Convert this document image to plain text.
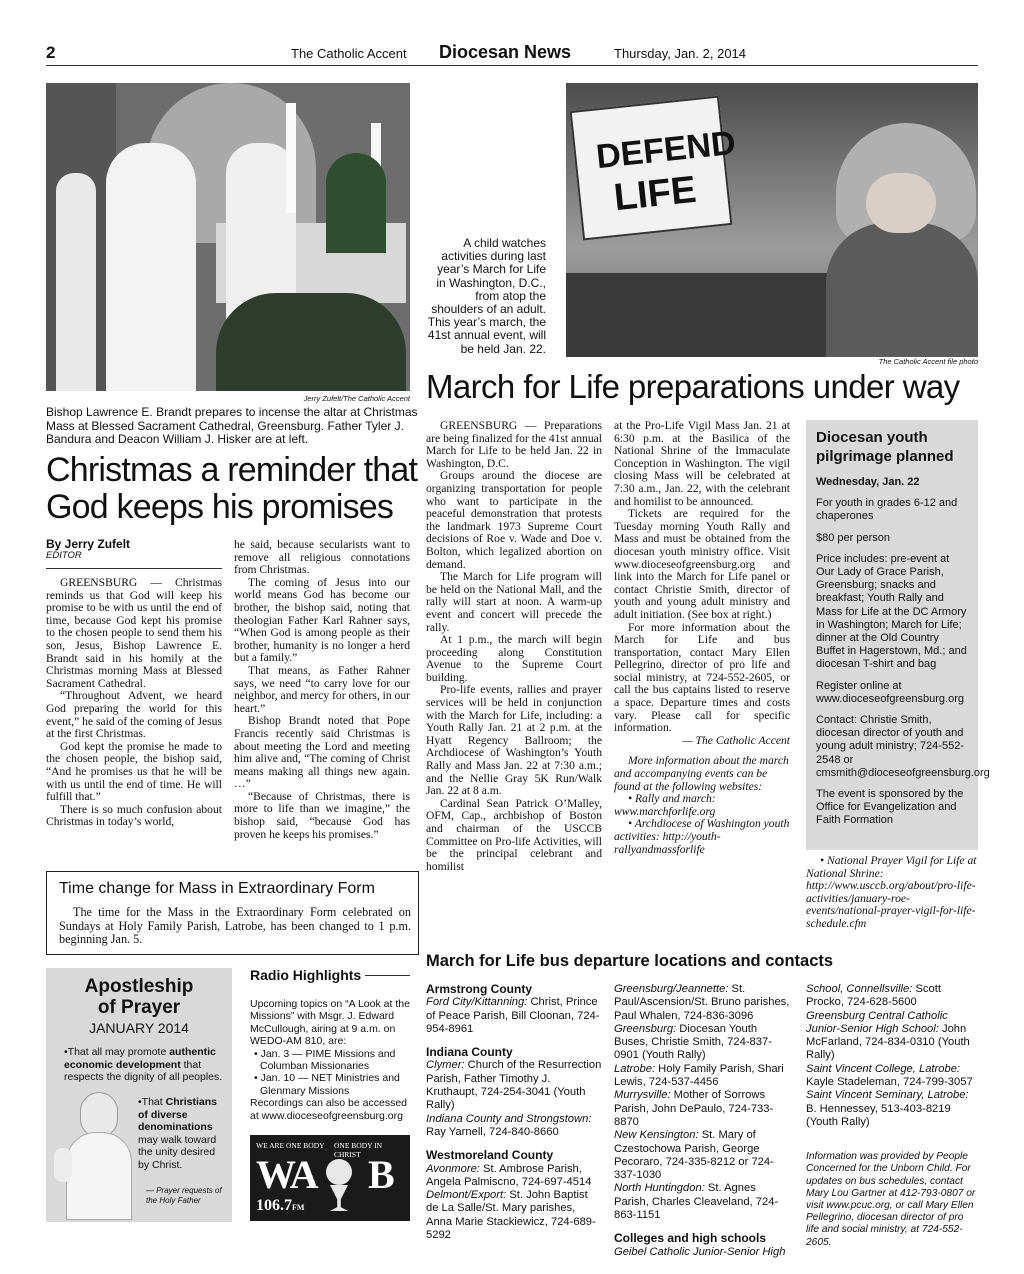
2	The Catholic Accent Diocesan News	Thursday, Jan. 2, 2014
Jerry Zufelt/The Catholic Accent
Bishop Lawrence E. Brandt prepares to incense the altar at Christmas Mass at Blessed Sacrament Cathedral, Greensburg. Father Tyler J. Bandura and Deacon William J. Hisker are at left.
Christmas a reminder that
God keeps his promises
By Jerry Zufelt
EDITOR

GREENSBURG — Christmas reminds us that God will keep his promise to be with us until the end of time, because God kept his promise to the chosen people to send them his son, Jesus, Bishop Lawrence E. Brandt said in his homily at the Christmas morning Mass at Blessed Sacrament Cathedral.

“Throughout Advent, we heard God preparing the world for this event,” he said of the coming of Jesus at the first Christmas.

God kept the promise he made to the chosen people, the bishop said, “And he promises us that he will be with us until the end of time. He will fulfill that.”

There is so much confusion about Christmas in today’s world,

he said, because secularists want to remove all religious connotations from Christmas.

The coming of Jesus into our world means God has become our brother, the bishop said, noting that theologian Father Karl Rahner says, “When God is among people as their brother, humanity is no longer a herd but a family.”

That means, as Father Rahner says, we need “to carry love for our neighbor, and mercy for others, in our heart.”

Bishop Brandt noted that Pope Francis recently said Christmas is about meeting the Lord and meeting him alive and, “The coming of Christ means making all things new again. …”

“Because of Christmas, there is more to life than we imagine,” the bishop said, “because God has proven he keeps his promises.”

Time change for Mass in Extraordinary Form
The time for the Mass in the Extraordinary Form celebrated on Sundays at Holy Family Parish, Latrobe, has been changed to 1 p.m. beginning Jan. 5.
DEFEND
LIFE
A child watches activities during last year’s March for Life in Washington, D.C., from atop the shoulders of an adult. This year’s march, the 41st annual event, will be held Jan. 22.
The Catholic Accent file photo
March for Life preparations under way

GREENSBURG — Preparations are being finalized for the 41st annual March for Life to be held Jan. 22 in Washington, D.C.

Groups around the diocese are organizing transportation for people who want to participate in the peaceful demonstration that protests the landmark 1973 Supreme Court decisions of Roe v. Wade and Doe v. Bolton, which legalized abortion on demand.

The March for Life program will be held on the National Mall, and the rally will start at noon. A warm-up event and concert will precede the rally.

At 1 p.m., the march will begin proceeding along Constitution Avenue to the Supreme Court building.

Pro-life events, rallies and prayer services will be held in conjunction with the March for Life, including: a Youth Rally Jan. 21 at 2 p.m. at the Hyatt Regency Ballroom; the Archdiocese of Washington’s Youth Rally and Mass Jan. 22 at 7:30 a.m.; and the Nellie Gray 5K Run/Walk Jan. 22 at 8 a.m.

Cardinal Sean Patrick O’Malley, OFM, Cap., archbishop of Boston and chairman of the USCCB Committee on Pro-life Activities, will be the principal celebrant and homilist

at the Pro-Life Vigil Mass Jan. 21 at 6:30 p.m. at the Basilica of the National Shrine of the Immaculate Conception in Washington. The vigil closing Mass will be celebrated at 7:30 a.m., Jan. 22, with the celebrant and homilist to be announced.

Tickets are required for the Tuesday morning Youth Rally and Mass and must be obtained from the diocesan youth ministry office. Visit www.dioceseofgreensburg.org and link into the March for Life panel or contact Christie Smith, director of youth and young adult ministry and adult initiation. (See box at right.)

For more information about the March for Life and bus transportation, contact Mary Ellen Pellegrino, director of pro life and social ministry, at 724-552-2605, or call the bus captains listed to reserve a space. Departure times and costs vary. Please call for specific information.

— The Catholic Accent

More information about the march and accompanying events can be found at the following websites:

• Rally and march: www.marchforlife.org

• Archdiocese of Washington youth activities: http://youth-rallyandmassforlife

Diocesan youth pilgrimage planned

Wednesday, Jan. 22

For youth in grades 6-12 and chaperones

$80 per person

Price includes: pre-event at Our Lady of Grace Parish, Greensburg; snacks and breakfast; Youth Rally and Mass for Life at the DC Armory in Washington; March for Life; dinner at the Old Country Buffet in Hagerstown, Md.; and diocesan T-shirt and bag

Register online at www.dioceseofgreensburg.org

Contact: Christie Smith, diocesan director of youth and young adult ministry; 724-552-2548 or cmsmith@dioceseofgreensburg.org

The event is sponsored by the Office for Evangelization and Faith Formation

• National Prayer Vigil for Life at National Shrine: http://www.usccb.org/about/pro-life-activities/january-roe-events/national-prayer-vigil-for-life-schedule.cfm
Apostleship
of Prayer
JANUARY 2014
•That all may promote authentic economic development that respects the dignity of all peoples.
•That Christians of diverse denominations may walk toward the unity desired by Christ.
— Prayer requests of the Holy Father
Radio Highlights

Upcoming topics on “A Look at the Missions” with Msgr. J. Edward McCullough, airing at 9 a.m. on WEDO-AM 810, are:

• Jan. 3 — PIME Missions and Columban Missionaries

• Jan. 10 — NET Ministries and Glenmary Missions

Recordings can also be accessed at www.dioceseofgreensburg.org

WE ARE ONE BODY ONE BODY IN CHRIST
WA B
106.7FM
March for Life bus departure locations and contacts
Armstrong County
Ford City/Kittanning: Christ, Prince of Peace Parish, Bill Cloonan, 724-954-8961
Indiana County
Clymer: Church of the Resurrection Parish, Father Timothy J. Kruthaupt, 724-254-3041 (Youth Rally)
Indiana County and Strongstown: Ray Yarnell, 724-840-8660
Westmoreland County
Avonmore: St. Ambrose Parish, Angela Palmiscno, 724-697-4514
Delmont/Export: St. John Baptist de La Salle/St. Mary parishes, Anna Marie Stackiewicz, 724-689-5292
Greensburg/Jeannette: St. Paul/Ascension/St. Bruno parishes, Paul Whalen, 724-836-3096
Greensburg: Diocesan Youth Buses, Christie Smith, 724-837-0901 (Youth Rally)
Latrobe: Holy Family Parish, Shari Lewis, 724-537-4456
Murrysville: Mother of Sorrows Parish, John DePaulo, 724-733-8870
New Kensington: St. Mary of Czestochowa Parish, George Pecoraro, 724-335-8212 or 724-337-1030
North Huntingdon: St. Agnes Parish, Charles Cleaveland, 724-863-1151
Colleges and high schools
Geibel Catholic Junior-Senior High
School, Connellsville: Scott Procko, 724-628-5600
Greensburg Central Catholic Junior-Senior High School: John McFarland, 724-834-0310 (Youth Rally)
Saint Vincent College, Latrobe: Kayle Stadeleman, 724-799-3057
Saint Vincent Seminary, Latrobe: B. Hennessey, 513-403-8219 (Youth Rally)
Information was provided by People Concerned for the Unborn Child. For updates on bus schedules, contact Mary Lou Gartner at 412-793-0807 or visit www.pcuc.org, or call Mary Ellen Pellegrino, diocesan director of pro life and social ministry, at 724-552-2605.
